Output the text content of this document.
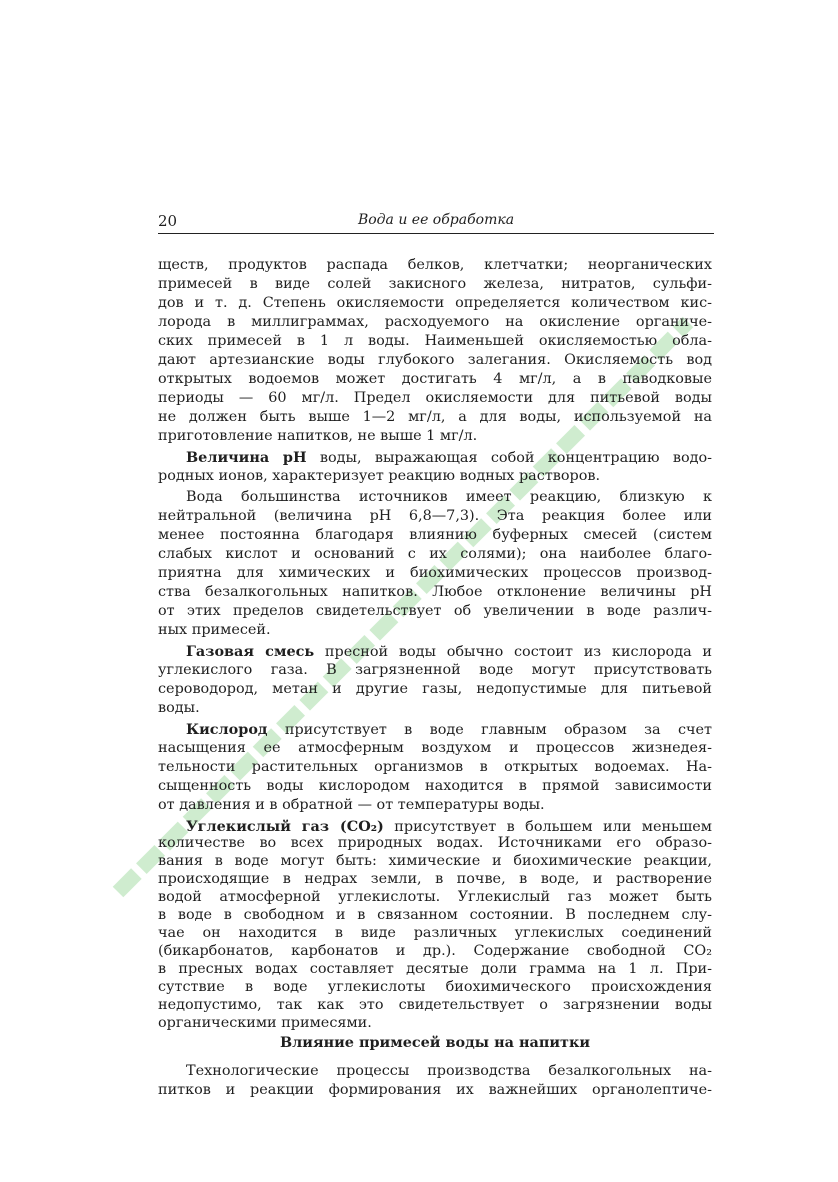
20	Вода и ее обработка
ществ, продуктов распада белков, клетчатки; неорганических
примесей в виде солей закисного железа, нитратов, сульфи-
дов и т. д. Степень окисляемости определяется количеством кис-
лорода в миллиграммах, расходуемого на окисление органиче-
ских примесей в 1 л воды. Наименьшей окисляемостью обла-
дают артезианские воды глубокого залегания. Окисляемость вод
открытых водоемов может достигать 4 мг/л, а в паводковые
периоды — 60 мг/л. Предел окисляемости для питьевой воды
не должен быть выше 1—2 мг/л, а для воды, используемой на
приготовление напитков, не выше 1 мг/л.
Величина pH воды, выражающая собой концентрацию водо-
родных ионов, характеризует реакцию водных растворов.
Вода большинства источников имеет реакцию, близкую к
нейтральной (величина pH 6,8—7,3). Эта реакция более или
менее постоянна благодаря влиянию буферных смесей (систем
слабых кислот и оснований с их солями); она наиболее благо-
приятна для химических и биохимических процессов производ-
ства безалкогольных напитков. Любое отклонение величины pH
от этих пределов свидетельствует об увеличении в воде различ-
ных примесей.
Газовая смесь пресной воды обычно состоит из кислорода и
углекислого газа. В загрязненной воде могут присутствовать
сероводород, метан и другие газы, недопустимые для питьевой
воды.
Кислород присутствует в воде главным образом за счет
насыщения ее атмосферным воздухом и процессов жизнедея-
тельности растительных организмов в открытых водоемах. На-
сыщенность воды кислородом находится в прямой зависимости
от давления и в обратной — от температуры воды.
Углекислый газ (CO₂) присутствует в большем или меньшем
количестве во всех природных водах. Источниками его образо-
вания в воде могут быть: химические и биохимические реакции,
происходящие в недрах земли, в почве, в воде, и растворение
водой атмосферной углекислоты. Углекислый газ может быть
в воде в свободном и в связанном состоянии. В последнем слу-
чае он находится в виде различных углекислых соединений
(бикарбонатов, карбонатов и др.). Содержание свободной CO₂
в пресных водах составляет десятые доли грамма на 1 л. При-
сутствие в воде углекислоты биохимического происхождения
недопустимо, так как это свидетельствует о загрязнении воды
Влияние примесей воды на напитки
Технологические процессы производства безалкогольных на-
питков и реакции формирования их важнейших органолептиче-
органическими примесями.
